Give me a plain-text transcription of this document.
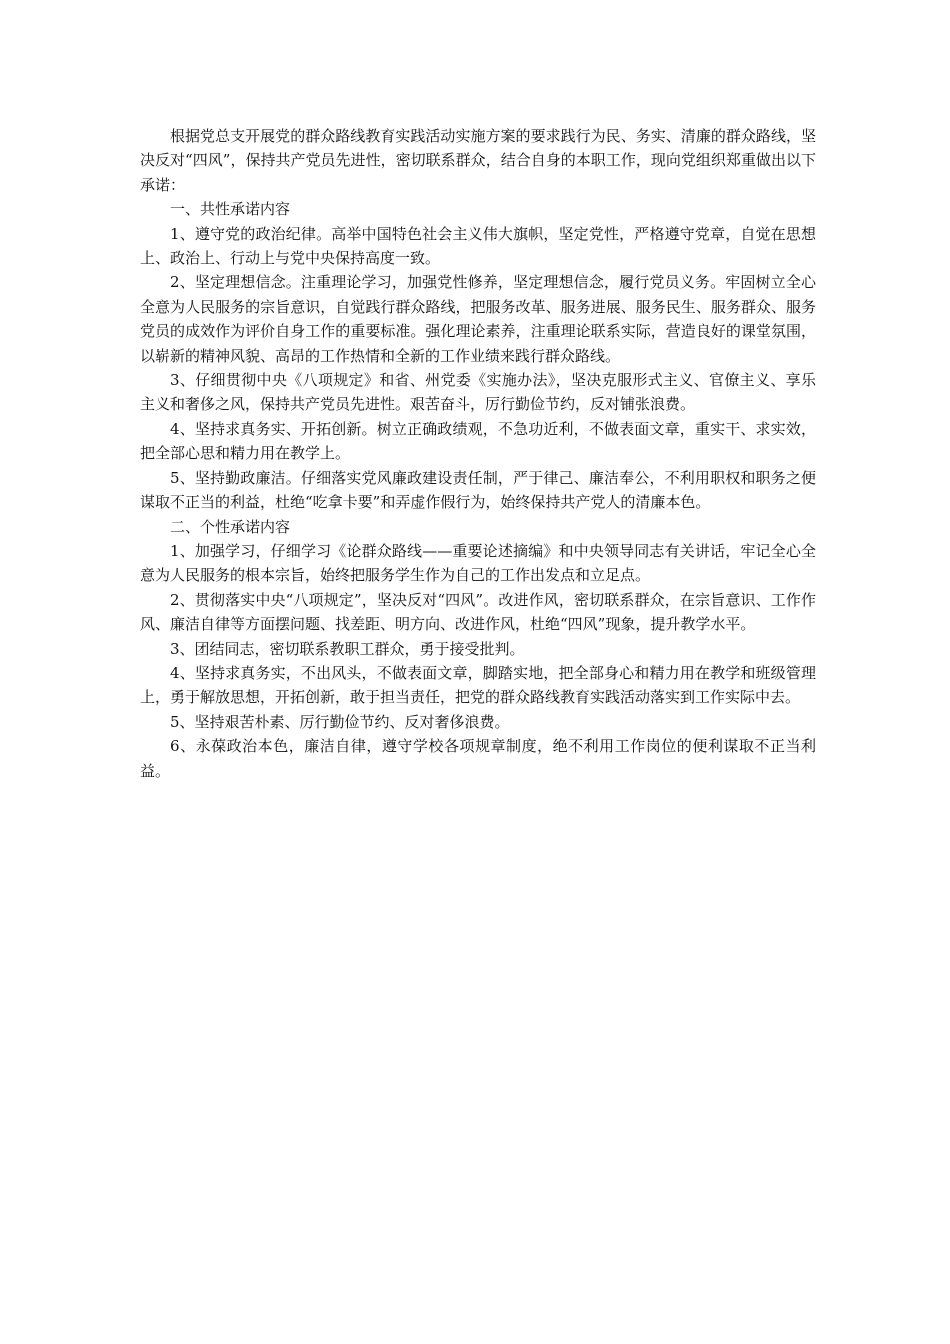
根据党总支开展党的群众路线教育实践活动实施方案的要求践行为民、务实、清廉的群众路线，坚决反对“四风”，保持共产党员先进性，密切联系群众，结合自身的本职工作，现向党组织郑重做出以下承诺：

一、共性承诺内容

1、遵守党的政治纪律。高举中国特色社会主义伟大旗帜，坚定党性，严格遵守党章，自觉在思想上、政治上、行动上与党中央保持高度一致。

2、坚定理想信念。注重理论学习，加强党性修养，坚定理想信念，履行党员义务。牢固树立全心全意为人民服务的宗旨意识，自觉践行群众路线，把服务改革、服务进展、服务民生、服务群众、服务党员的成效作为评价自身工作的重要标准。强化理论素养，注重理论联系实际，营造良好的课堂氛围，以崭新的精神风貌、高昂的工作热情和全新的工作业绩来践行群众路线。

3、仔细贯彻中央《八项规定》和省、州党委《实施办法》，坚决克服形式主义、官僚主义、享乐主义和奢侈之风，保持共产党员先进性。艰苦奋斗，厉行勤俭节约，反对铺张浪费。

4、坚持求真务实、开拓创新。树立正确政绩观，不急功近利，不做表面文章，重实干、求实效，把全部心思和精力用在教学上。

5、坚持勤政廉洁。仔细落实党风廉政建设责任制，严于律己、廉洁奉公，不利用职权和职务之便谋取不正当的利益，杜绝“吃拿卡要”和弄虚作假行为，始终保持共产党人的清廉本色。

二、个性承诺内容

1、加强学习，仔细学习《论群众路线——重要论述摘编》和中央领导同志有关讲话，牢记全心全意为人民服务的根本宗旨，始终把服务学生作为自己的工作出发点和立足点。

2、贯彻落实中央“八项规定”，坚决反对“四风”。改进作风，密切联系群众，在宗旨意识、工作作风、廉洁自律等方面摆问题、找差距、明方向、改进作风，杜绝“四风”现象，提升教学水平。

3、团结同志，密切联系教职工群众，勇于接受批判。

4、坚持求真务实，不出风头，不做表面文章，脚踏实地，把全部身心和精力用在教学和班级管理上，勇于解放思想，开拓创新，敢于担当责任，把党的群众路线教育实践活动落实到工作实际中去。

5、坚持艰苦朴素、厉行勤俭节约、反对奢侈浪费。

6、永葆政治本色，廉洁自律，遵守学校各项规章制度，绝不利用工作岗位的便利谋取不正当利益。
